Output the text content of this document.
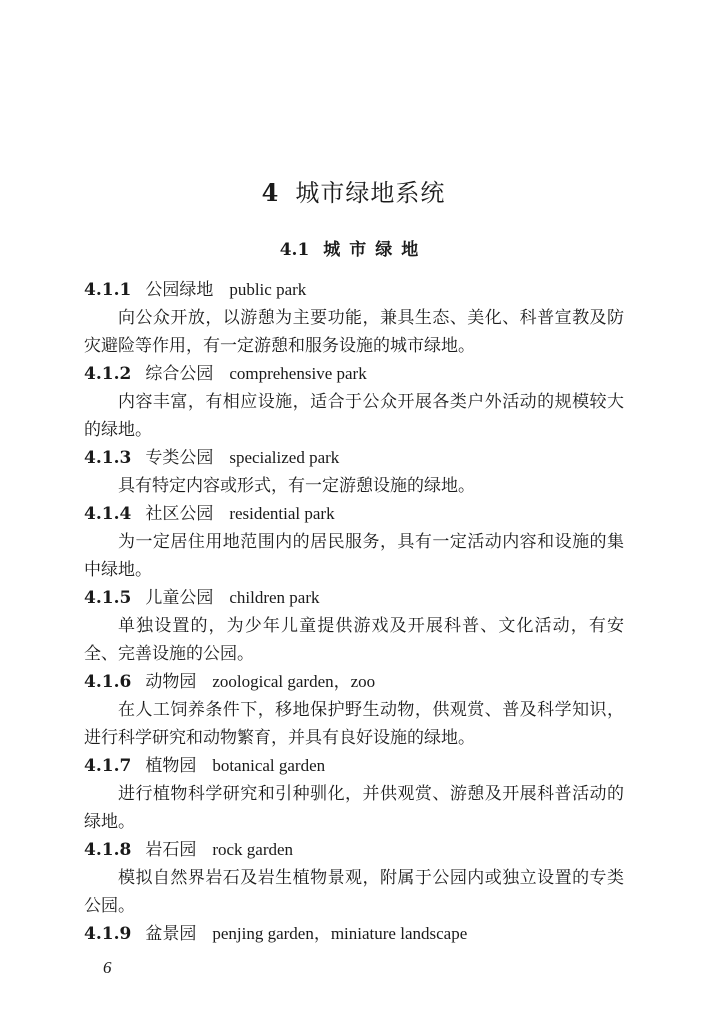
4 城市绿地系统
4.1 城市绿地
4.1.1 公园绿地 public park

向公众开放，以游憩为主要功能，兼具生态、美化、科普宣教及防灾避险等作用，有一定游憩和服务设施的城市绿地。

4.1.2 综合公园 comprehensive park

内容丰富，有相应设施，适合于公众开展各类户外活动的规模较大的绿地。

4.1.3 专类公园 specialized park

具有特定内容或形式，有一定游憩设施的绿地。

4.1.4 社区公园 residential park

为一定居住用地范围内的居民服务，具有一定活动内容和设施的集中绿地。

4.1.5 儿童公园 children park

单独设置的，为少年儿童提供游戏及开展科普、文化活动，有安全、完善设施的公园。

4.1.6 动物园 zoological garden，zoo

在人工饲养条件下，移地保护野生动物，供观赏、普及科学知识，进行科学研究和动物繁育，并具有良好设施的绿地。

4.1.7 植物园 botanical garden

进行植物科学研究和引种驯化，并供观赏、游憩及开展科普活动的绿地。

4.1.8 岩石园 rock garden

模拟自然界岩石及岩生植物景观，附属于公园内或独立设置的专类公园。

4.1.9 盆景园 penjing garden，miniature landscape
6
